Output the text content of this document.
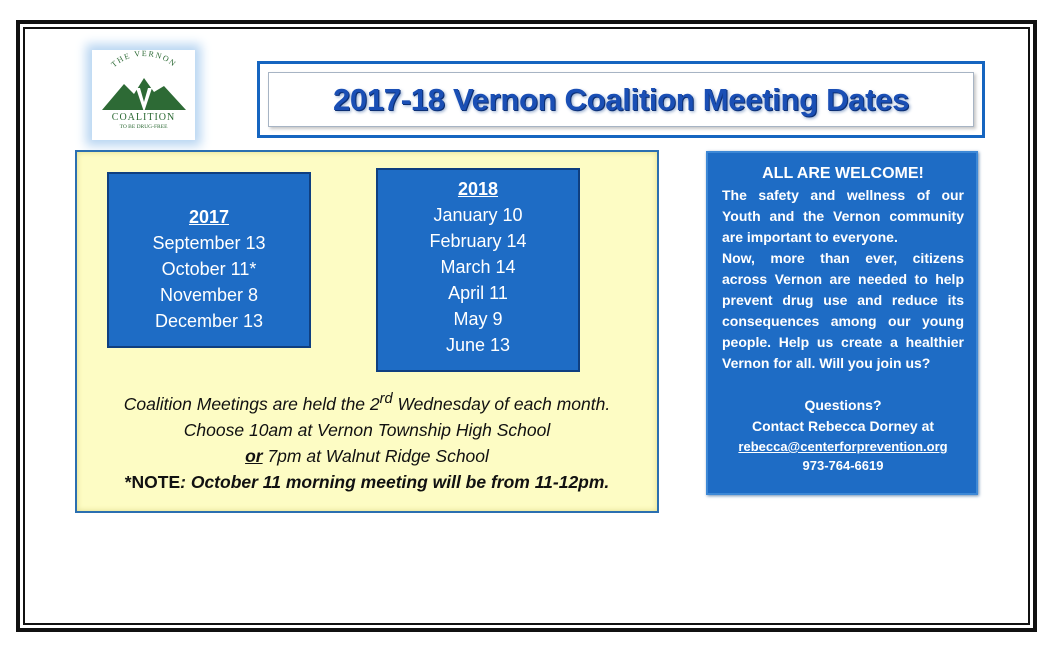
THE VERNON
COALITION
TO BE DRUG-FREE
2017-18 Vernon Coalition Meeting Dates
2017
September 13
October 11*
November 8
December 13
2018
January 10
February 14
March 14
April 11
May 9
June 13
Coalition Meetings are held the 2rd Wednesday of each month.
Choose 10am at Vernon Township High School
or 7pm at Walnut Ridge School
*NOTE: October 11 morning meeting will be from 11-12pm.
ALL ARE WELCOME!

The safety and wellness of our Youth and the Vernon community are important to everyone.

Now, more than ever, citizens across Vernon are needed to help prevent drug use and reduce its consequences among our young people. Help us create a healthier Vernon for all. Will you join us?

Questions?

Contact Rebecca Dorney at

rebecca@centerforprevention.org
973-764-6619
